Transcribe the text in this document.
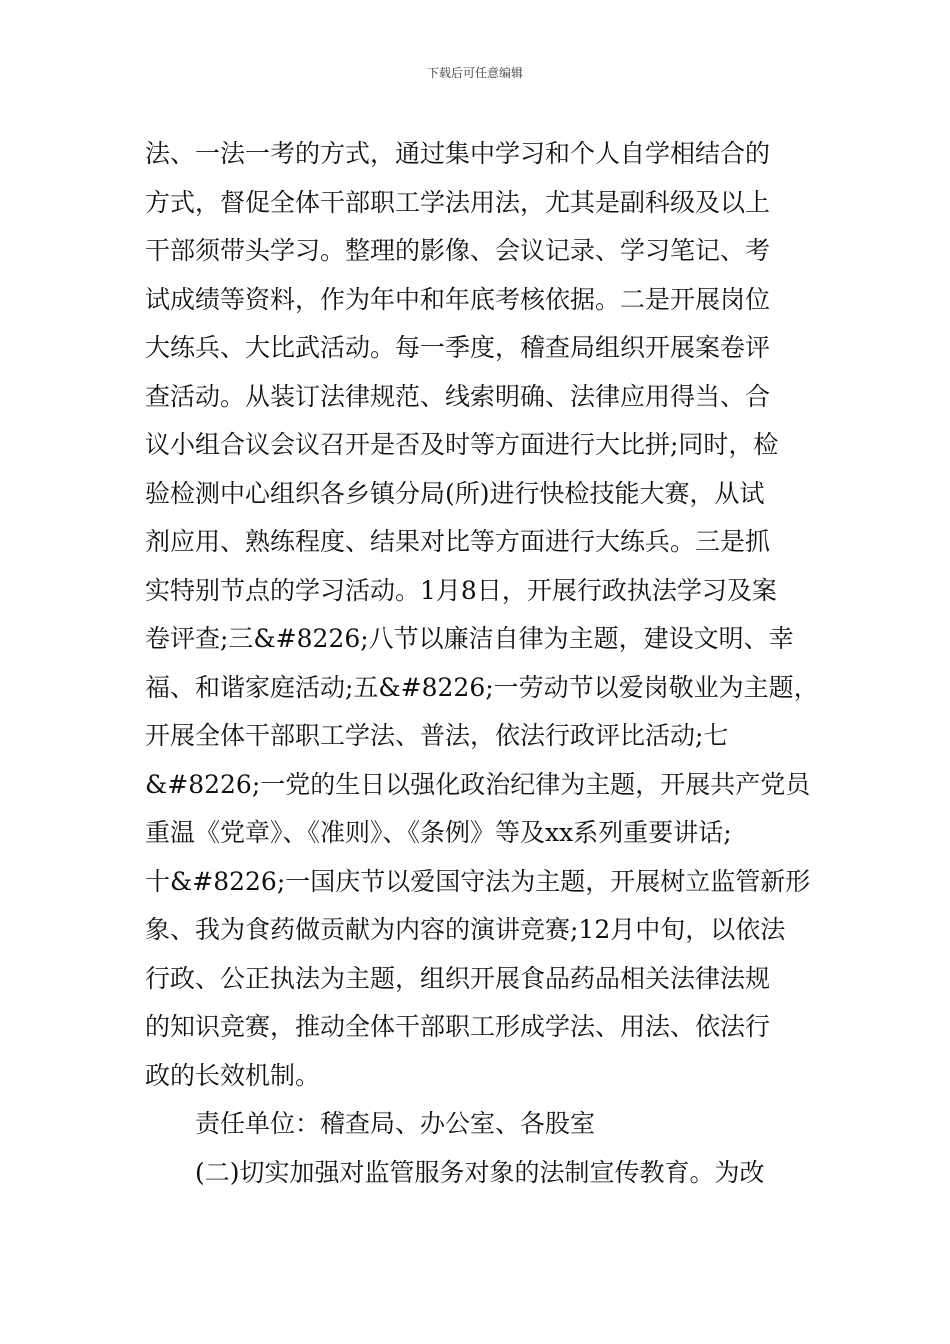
下载后可任意编辑
法、一法一考的方式，通过集中学习和个人自学相结合的
方式，督促全体干部职工学法用法，尤其是副科级及以上
干部须带头学习。整理的影像、会议记录、学习笔记、考
试成绩等资料，作为年中和年底考核依据。二是开展岗位
大练兵、大比武活动。每一季度，稽查局组织开展案卷评
查活动。从装订法律规范、线索明确、法律应用得当、合
议小组合议会议召开是否及时等方面进行大比拼;同时，检
验检测中心组织各乡镇分局(所)进行快检技能大赛，从试
剂应用、熟练程度、结果对比等方面进行大练兵。三是抓
实特别节点的学习活动。1月8日，开展行政执法学习及案
卷评查;三&#8226;八节以廉洁自律为主题，建设文明、幸
福、和谐家庭活动;五&#8226;一劳动节以爱岗敬业为主题，
开展全体干部职工学法、普法，依法行政评比活动;七
&#8226;一党的生日以强化政治纪律为主题，开展共产党员
重温《党章》、《准则》、《条例》等及xx系列重要讲话;
十&#8226;一国庆节以爱国守法为主题，开展树立监管新形
象、我为食药做贡献为内容的演讲竞赛;12月中旬，以依法
行政、公正执法为主题，组织开展食品药品相关法律法规
的知识竞赛，推动全体干部职工形成学法、用法、依法行
政的长效机制。
责任单位：稽查局、办公室、各股室
(二)切实加强对监管服务对象的法制宣传教育。为改
